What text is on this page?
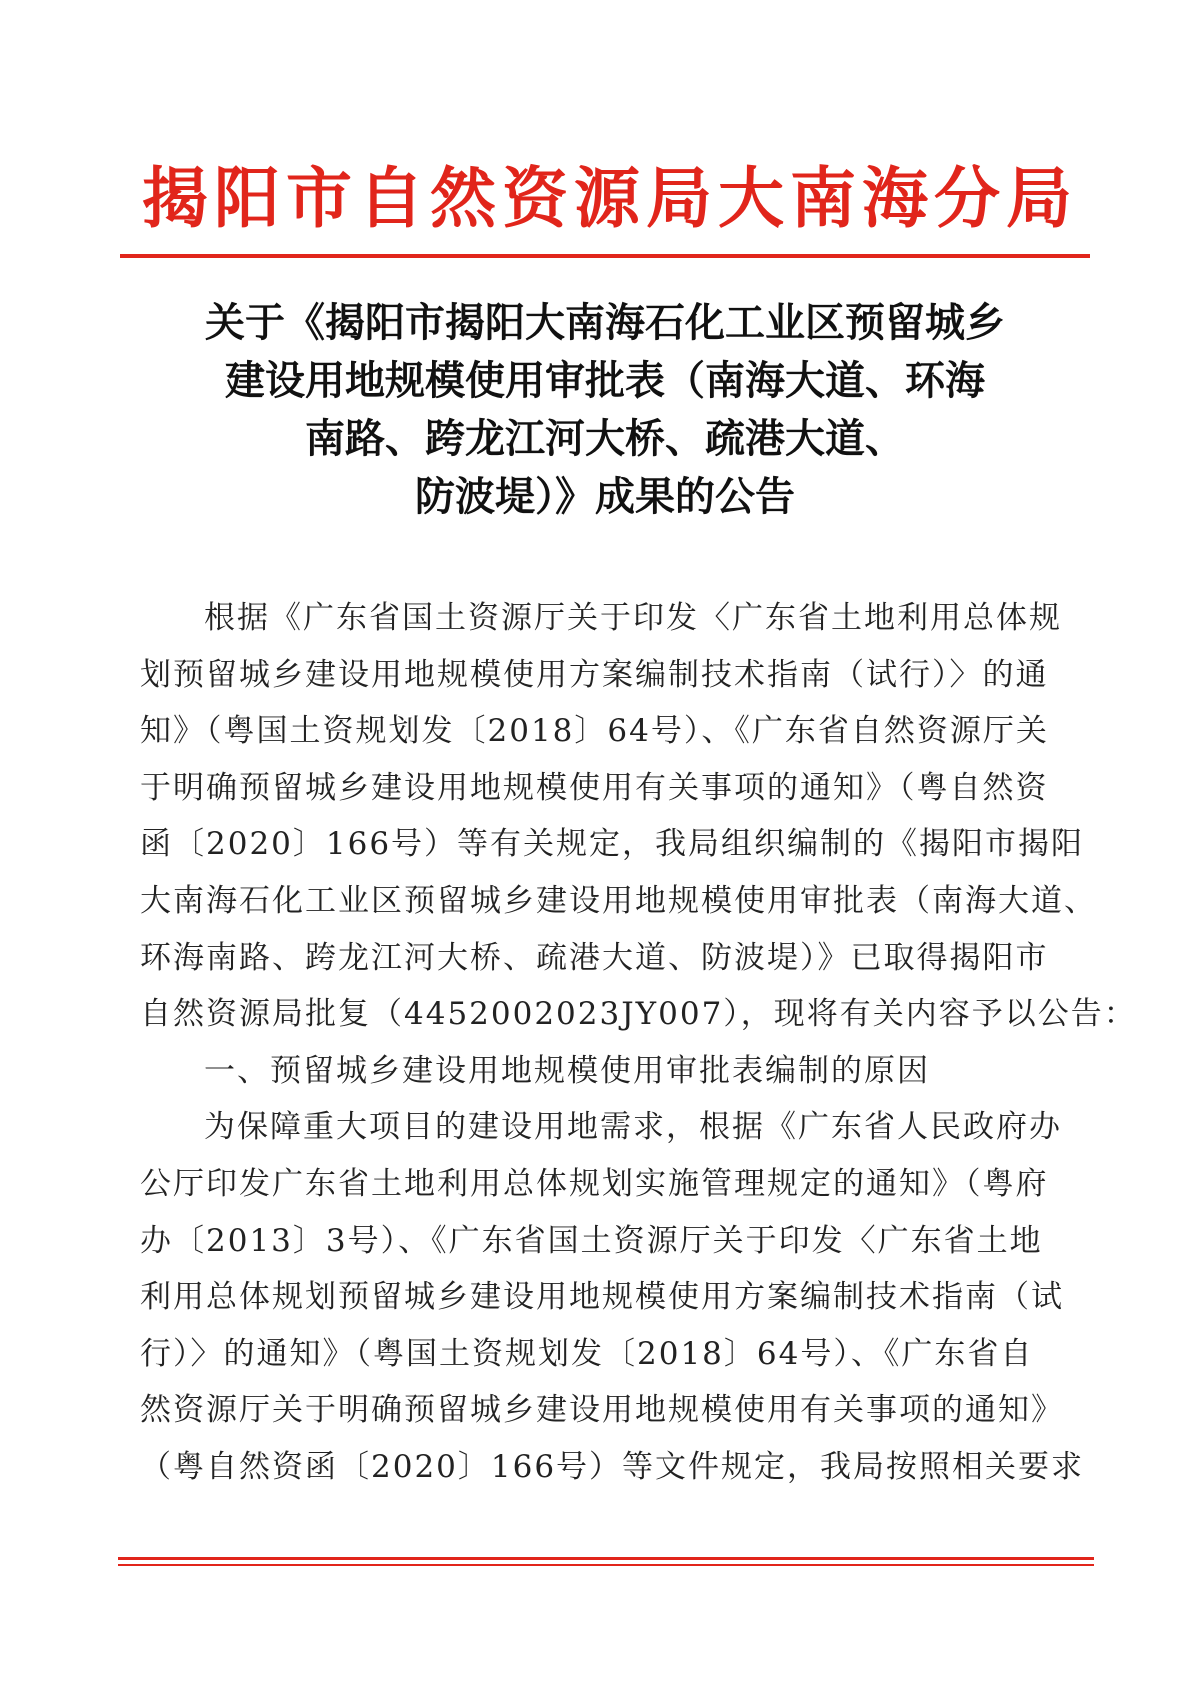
揭阳市自然资源局大南海分局
关于《揭阳市揭阳大南海石化工业区预留城乡
建设用地规模使用审批表（南海大道、环海
南路、跨龙江河大桥、疏港大道、
防波堤）》成果的公告
根据《广东省国土资源厅关于印发〈广东省土地利用总体规
划预留城乡建设用地规模使用方案编制技术指南（试行）〉的通
知》（粤国土资规划发〔2018〕64号）、《广东省自然资源厅关
于明确预留城乡建设用地规模使用有关事项的通知》（粤自然资
函〔2020〕166号）等有关规定，我局组织编制的《揭阳市揭阳
大南海石化工业区预留城乡建设用地规模使用审批表（南海大道、
环海南路、跨龙江河大桥、疏港大道、防波堤）》已取得揭阳市
自然资源局批复（4452002023JY007），现将有关内容予以公告：
一、预留城乡建设用地规模使用审批表编制的原因
为保障重大项目的建设用地需求，根据《广东省人民政府办
公厅印发广东省土地利用总体规划实施管理规定的通知》（粤府
办〔2013〕3号）、《广东省国土资源厅关于印发〈广东省土地
利用总体规划预留城乡建设用地规模使用方案编制技术指南（试
行）〉的通知》（粤国土资规划发〔2018〕64号）、《广东省自
然资源厅关于明确预留城乡建设用地规模使用有关事项的通知》
（粤自然资函〔2020〕166号）等文件规定，我局按照相关要求
